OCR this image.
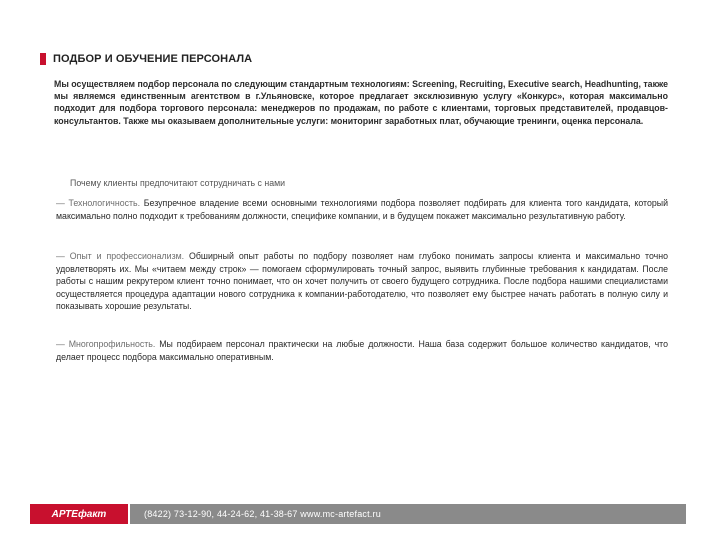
ПОДБОР И ОБУЧЕНИЕ ПЕРСОНАЛА
Мы осуществляем подбор персонала по следующим стандартным технологиям: Screening, Recruiting, Executive search, Headhunting, также мы являемся единственным агентством в г.Ульяновске, которое предлагает эксклюзивную услугу «Конкурс», которая максимально подходит для подбора торгового персонала: менеджеров по продажам, по работе с клиентами, торговых представителей, продавцов-консультантов. Также мы оказываем дополнительные услуги: мониторинг заработных плат, обучающие тренинги, оценка персонала.
Почему клиенты предпочитают сотрудничать с нами
— Технологичность. Безупречное владение всеми основными технологиями подбора позволяет подбирать для клиента того кандидата, который максимально полно подходит к требованиям должности, специфике компании, и в будущем покажет максимально результативную работу.
— Опыт и профессионализм. Обширный опыт работы по подбору позволяет нам глубоко понимать запросы клиента и максимально точно удовлетворять их. Мы «читаем между строк» — помогаем сформулировать точный запрос, выявить глубинные требования к кандидатам. После работы с нашим рекрутером клиент точно понимает, что он хочет получить от своего будущего сотрудника. После подбора нашими специалистами осуществляется процедура адаптации нового сотрудника к компании-работодателю, что позволяет ему быстрее начать работать в полную силу и показывать хорошие результаты.
— Многопрофильность. Мы подбираем персонал практически на любые должности. Наша база содержит большое количество кандидатов, что делает процесс подбора максимально оперативным.
АРТЕфакт	(8422) 73-12-90, 44-24-62, 41-38-67 www.mc-artefact.ru
